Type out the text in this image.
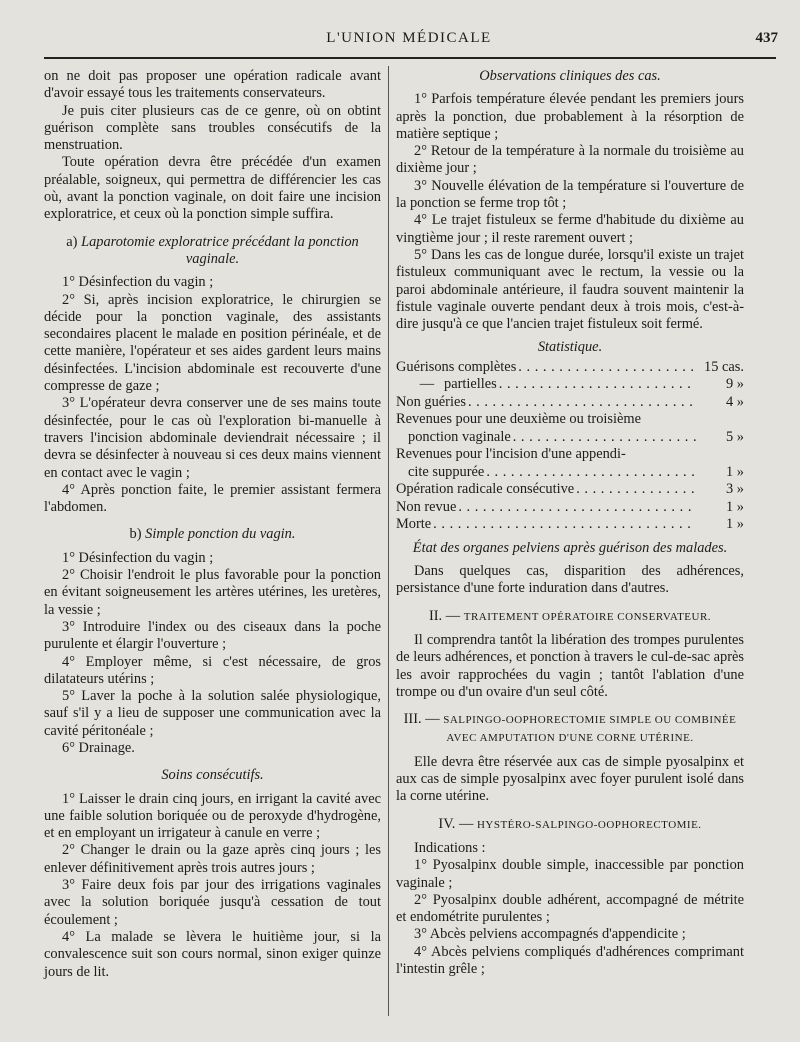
L'UNION MÉDICALE	437

on ne doit pas proposer une opération radicale avant d'avoir essayé tous les traitements conservateurs.

Je puis citer plusieurs cas de ce genre, où on obtint guérison complète sans troubles consécutifs de la menstruation.

Toute opération devra être précédée d'un examen préalable, soigneux, qui permettra de différencier les cas où, avant la ponction vaginale, on doit faire une incision exploratrice, et ceux où la ponction simple suffira.

a) Laparotomie exploratrice précédant la ponction vaginale.

1° Désinfection du vagin ;

2° Si, après incision exploratrice, le chirurgien se décide pour la ponction vaginale, des assistants secondaires placent le malade en position périnéale, et de cette manière, l'opérateur et ses aides gardent leurs mains désinfectées. L'incision abdominale est recouverte d'une compresse de gaze ;

3° L'opérateur devra conserver une de ses mains toute désinfectée, pour le cas où l'exploration bi-manuelle à travers l'incision abdominale deviendrait nécessaire ; il devra se désinfecter à nouveau si ces deux mains viennent en contact avec le vagin ;

4° Après ponction faite, le premier assistant fermera l'abdomen.

b) Simple ponction du vagin.

1° Désinfection du vagin ;

2° Choisir l'endroit le plus favorable pour la ponction en évitant soigneusement les artères utérines, les uretères, la vessie ;

3° Introduire l'index ou des ciseaux dans la poche purulente et élargir l'ouverture ;

4° Employer même, si c'est nécessaire, de gros dilatateurs utérins ;

5° Laver la poche à la solution salée physiologique, sauf s'il y a lieu de supposer une communication avec la cavité péritonéale ;

6° Drainage.

Soins consécutifs.

1° Laisser le drain cinq jours, en irrigant la cavité avec une faible solution boriquée ou de peroxyde d'hydrogène, et en employant un irrigateur à canule en verre ;

2° Changer le drain ou la gaze après cinq jours ; les enlever définitivement après trois autres jours ;

3° Faire deux fois par jour des irrigations vaginales avec la solution boriquée jusqu'à cessation de tout écoulement ;

4° La malade se lèvera le huitième jour, si la convalescence suit son cours normal, sinon exiger quinze jours de lit.

Observations cliniques des cas.

1° Parfois température élevée pendant les premiers jours après la ponction, due probablement à la résorption de matière septique ;

2° Retour de la température à la normale du troisième au dixième jour ;

3° Nouvelle élévation de la température si l'ouverture de la ponction se ferme trop tôt ;

4° Le trajet fistuleux se ferme d'habitude du dixième au vingtième jour ; il reste rarement ouvert ;

5° Dans les cas de longue durée, lorsqu'il existe un trajet fistuleux communiquant avec le rectum, la vessie ou la paroi abdominale antérieure, il faudra souvent maintenir la fistule vaginale ouverte pendant deux à trois mois, c'est-à-dire jusqu'à ce que l'ancien trajet fistuleux soit fermé.

Statistique.

Guérisons complètes . . .	15 cas.
— partielles . . .	9 »
Non guéries . . .	4 »
Revenues pour une deuxième ou troisième
ponction vaginale . . .	5 »
Revenues pour l'incision d'une appendi-
cite suppurée . . .	1 »
Opération radicale consécutive . . .	3 »
Non revue . . .	1 »
Morte . . .	1 »

État des organes pelviens après guérison des malades.

Dans quelques cas, disparition des adhérences, persistance d'une forte induration dans d'autres.

II. — TRAITEMENT OPÉRATOIRE CONSERVATEUR.

Il comprendra tantôt la libération des trompes purulentes de leurs adhérences, et ponction à travers le cul-de-sac après les avoir rapprochées du vagin ; tantôt l'ablation d'une trompe ou d'un ovaire d'un seul côté.

III. — SALPINGO-OOPHORECTOMIE SIMPLE OU COMBINÉE

AVEC AMPUTATION D'UNE CORNE UTÉRINE.

Elle devra être réservée aux cas de simple pyosalpinx et aux cas de simple pyosalpinx avec foyer purulent isolé dans la corne utérine.

IV. — HYSTÉRO-SALPINGO-OOPHORECTOMIE.

Indications :

1° Pyosalpinx double simple, inaccessible par ponction vaginale ;

2° Pyosalpinx double adhérent, accompagné de métrite et endométrite purulentes ;

3° Abcès pelviens accompagnés d'appendicite ;

4° Abcès pelviens compliqués d'adhérences comprimant l'intestin grêle ;
